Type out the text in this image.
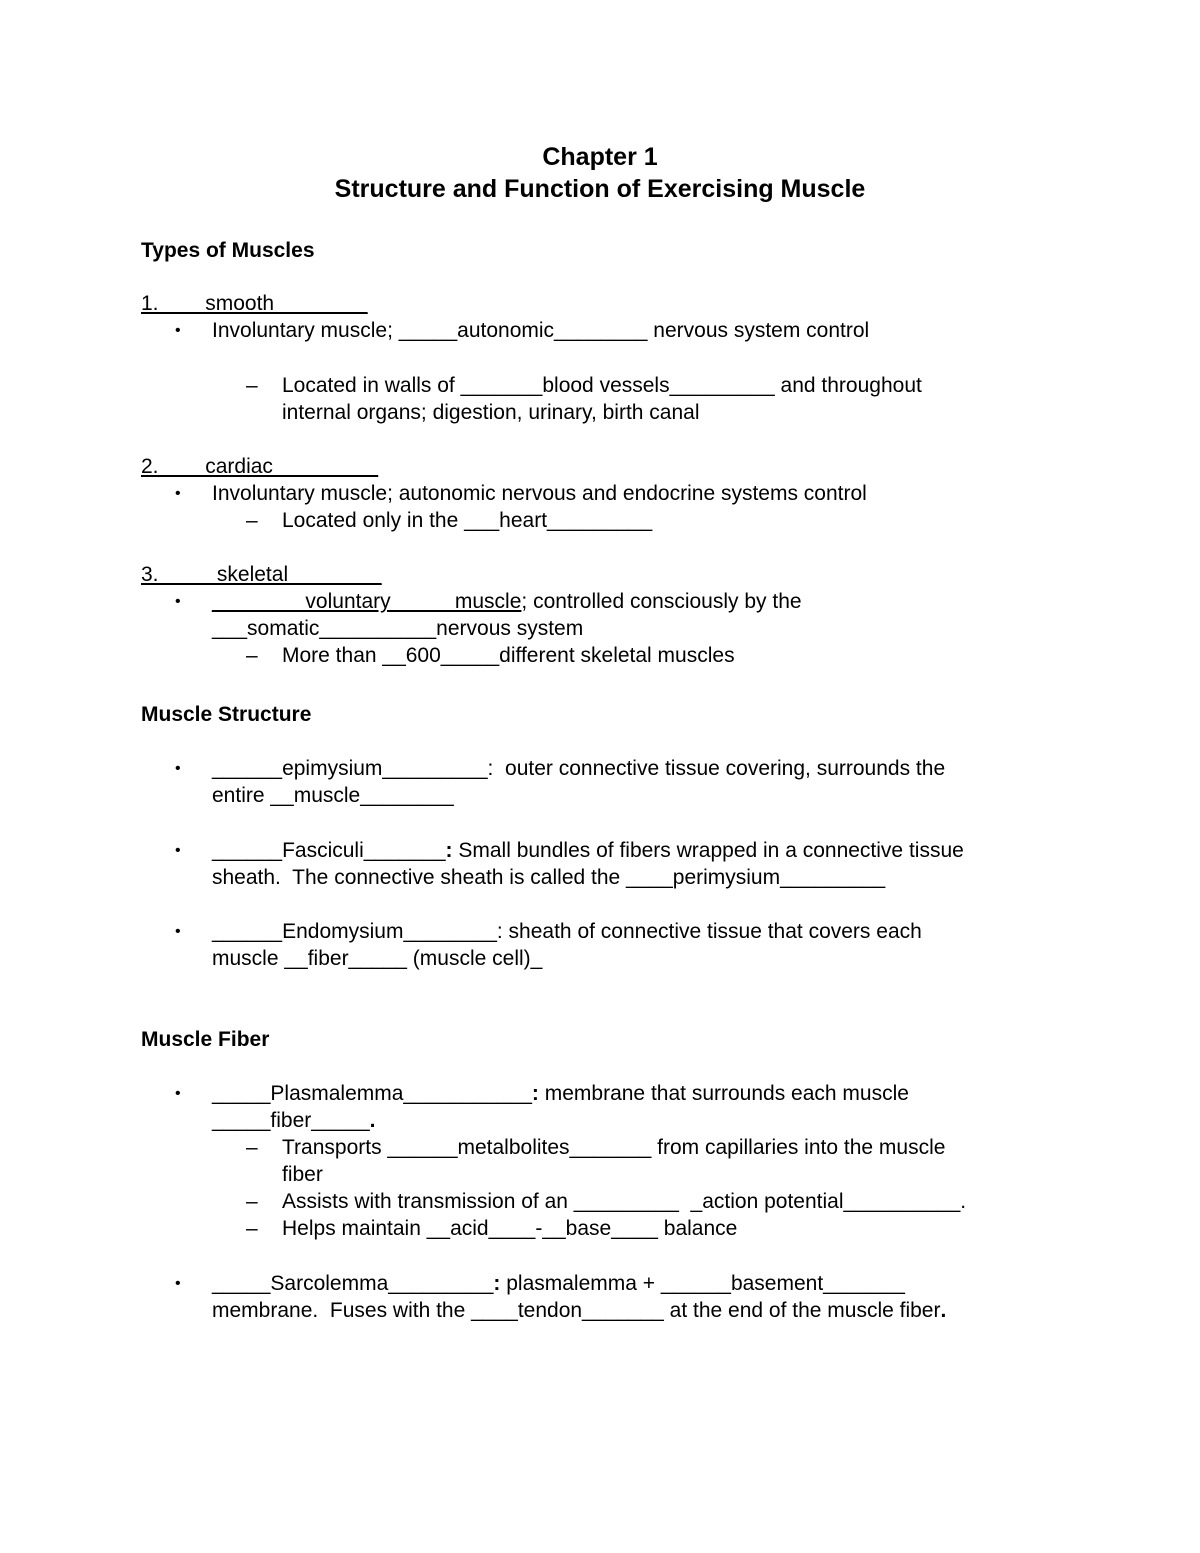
Chapter 1
Structure and Function of Exercising Muscle
Types of Muscles
1.____smooth________
• Involuntary muscle; _____autonomic________ nervous system control
– Located in walls of _______blood vessels_________ and throughout
internal organs; digestion, urinary, birth canal
2.____cardiac_________
• Involuntary muscle; autonomic nervous and endocrine systems control
– Located only in the ___heart_________
3._____skeletal________
• ________voluntary_____ muscle; controlled consciously by the
___somatic__________nervous system
– More than __600_____different skeletal muscles
Muscle Structure
• ______epimysium_________:  outer connective tissue covering, surrounds the
entire __muscle________
• ______Fasciculi_______: Small bundles of fibers wrapped in a connective tissue
sheath.  The connective sheath is called the ____perimysium_________
• ______Endomysium________: sheath of connective tissue that covers each
muscle __fiber_____ (muscle cell)_
Muscle Fiber
• _____Plasmalemma___________: membrane that surrounds each muscle
_____fiber_____.
– Transports ______metalbolites_______ from capillaries into the muscle
fiber
– Assists with transmission of an _________  _action potential__________.
– Helps maintain __acid____-__base____ balance
• _____Sarcolemma_________: plasmalemma + ______basement_______
membrane.  Fuses with the ____tendon_______ at the end of the muscle fiber.
